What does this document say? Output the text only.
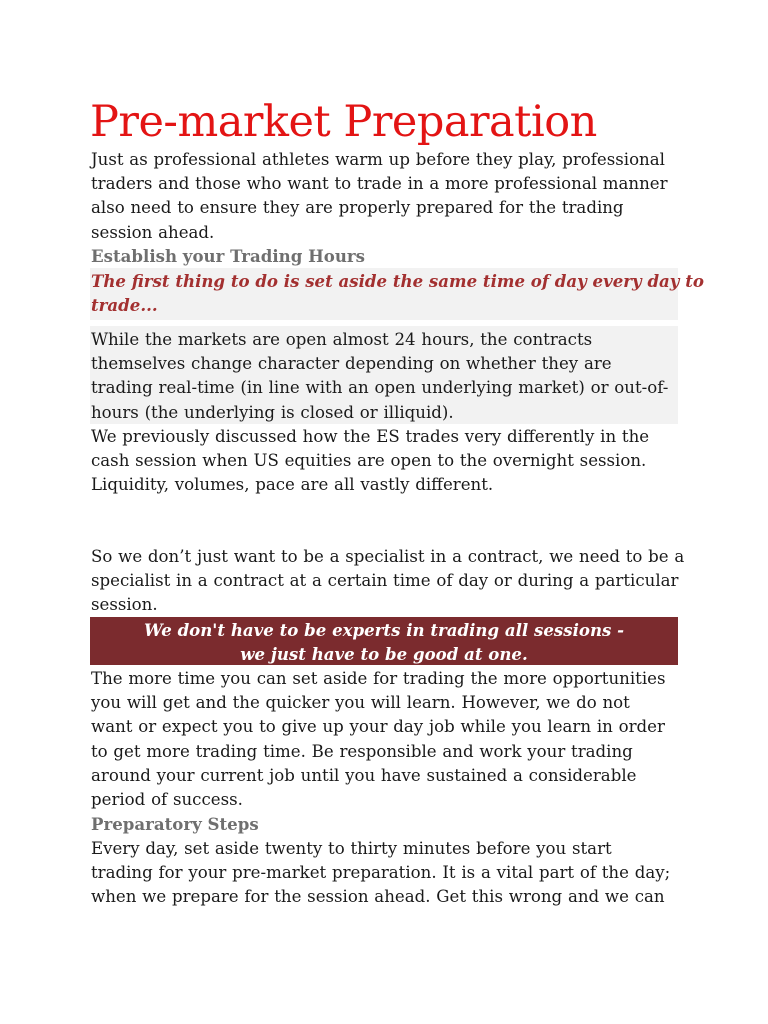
Pre-market Preparation

Just as professional athletes warm up before they play, professional
traders and those who want to trade in a more professional manner
also need to ensure they are properly prepared for the trading
session ahead.

Establish your Trading Hours

The first thing to do is set aside the same time of day every day to
trade...

While the markets are open almost 24 hours, the contracts
themselves change character depending on whether they are
trading real-time (in line with an open underlying market) or out-of-
hours (the underlying is closed or illiquid).

We previously discussed how the ES trades very differently in the
cash session when US equities are open to the overnight session.
Liquidity, volumes, pace are all vastly different.

So we don’t just want to be a specialist in a contract, we need to be a
specialist in a contract at a certain time of day or during a particular
session.

We don't have to be experts in trading all sessions -
we just have to be good at one.

The more time you can set aside for trading the more opportunities
you will get and the quicker you will learn. However, we do not
want or expect you to give up your day job while you learn in order
to get more trading time. Be responsible and work your trading
around your current job until you have sustained a considerable
period of success.

Preparatory Steps

Every day, set aside twenty to thirty minutes before you start
trading for your pre-market preparation. It is a vital part of the day;
when we prepare for the session ahead. Get this wrong and we can
